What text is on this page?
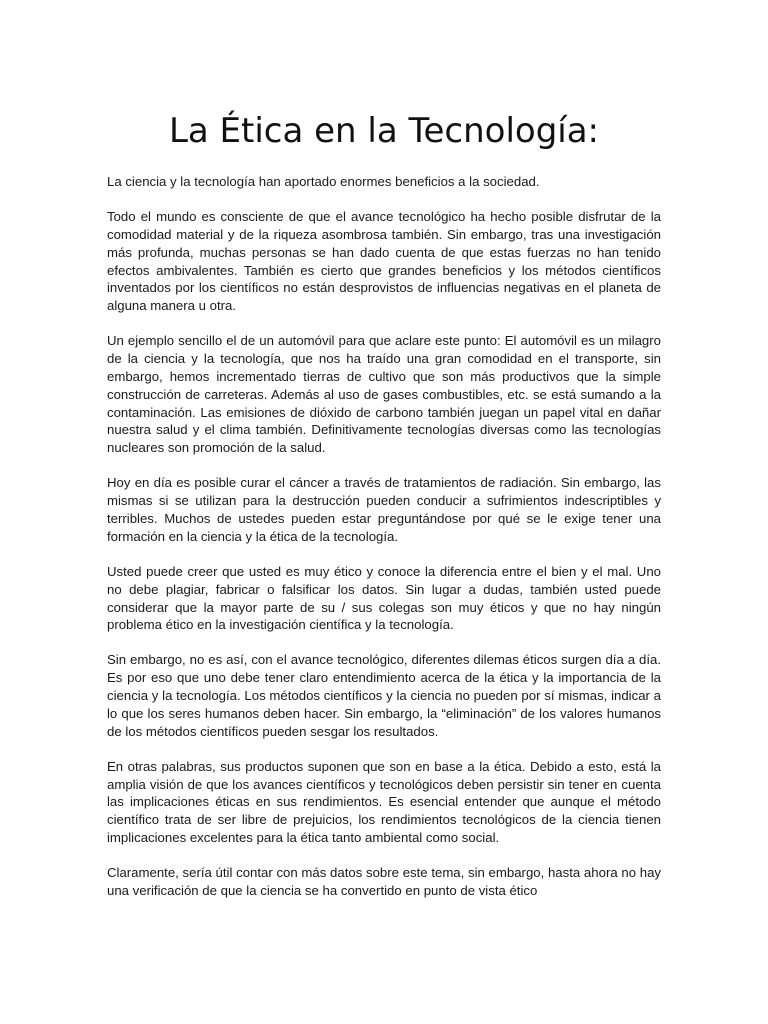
La Ética en la Tecnología:

La ciencia y la tecnología han aportado enormes beneficios a la sociedad.

Todo el mundo es consciente de que el avance tecnológico ha hecho posible disfrutar de la comodidad material y de la riqueza asombrosa también. Sin embargo, tras una investigación más profunda, muchas personas se han dado cuenta de que estas fuerzas no han tenido efectos ambivalentes. También es cierto que grandes beneficios y los métodos científicos inventados por los científicos no están desprovistos de influencias negativas en el planeta de alguna manera u otra.

Un ejemplo sencillo el de un automóvil para que aclare este punto: El automóvil es un milagro de la ciencia y la tecnología, que nos ha traído una gran comodidad en el transporte, sin embargo, hemos incrementado tierras de cultivo que son más productivos que la simple construcción de carreteras. Además al uso de gases combustibles, etc. se está sumando a la contaminación. Las emisiones de dióxido de carbono también juegan un papel vital en dañar nuestra salud y el clima también. Definitivamente tecnologías diversas como las tecnologías nucleares son promoción de la salud.

Hoy en día es posible curar el cáncer a través de tratamientos de radiación. Sin embargo, las mismas si se utilizan para la destrucción pueden conducir a sufrimientos indescriptibles y terribles. Muchos de ustedes pueden estar preguntándose por qué se le exige tener una formación en la ciencia y la ética de la tecnología.

Usted puede creer que usted es muy ético y conoce la diferencia entre el bien y el mal. Uno no debe plagiar, fabricar o falsificar los datos. Sin lugar a dudas, también usted puede considerar que la mayor parte de su / sus colegas son muy éticos y que no hay ningún problema ético en la investigación científica y la tecnología.

Sin embargo, no es así, con el avance tecnológico, diferentes dilemas éticos surgen día a día. Es por eso que uno debe tener claro entendimiento acerca de la ética y la importancia de la ciencia y la tecnología. Los métodos científicos y la ciencia no pueden por sí mismas, indicar a lo que los seres humanos deben hacer. Sin embargo, la “eliminación” de los valores humanos de los métodos científicos pueden sesgar los resultados.

En otras palabras, sus productos suponen que son en base a la ética. Debido a esto, está la amplia visión de que los avances científicos y tecnológicos deben persistir sin tener en cuenta las implicaciones éticas en sus rendimientos. Es esencial entender que aunque el método científico trata de ser libre de prejuicios, los rendimientos tecnológicos de la ciencia tienen implicaciones excelentes para la ética tanto ambiental como social.

Claramente, sería útil contar con más datos sobre este tema, sin embargo, hasta ahora no hay una verificación de que la ciencia se ha convertido en punto de vista ético
